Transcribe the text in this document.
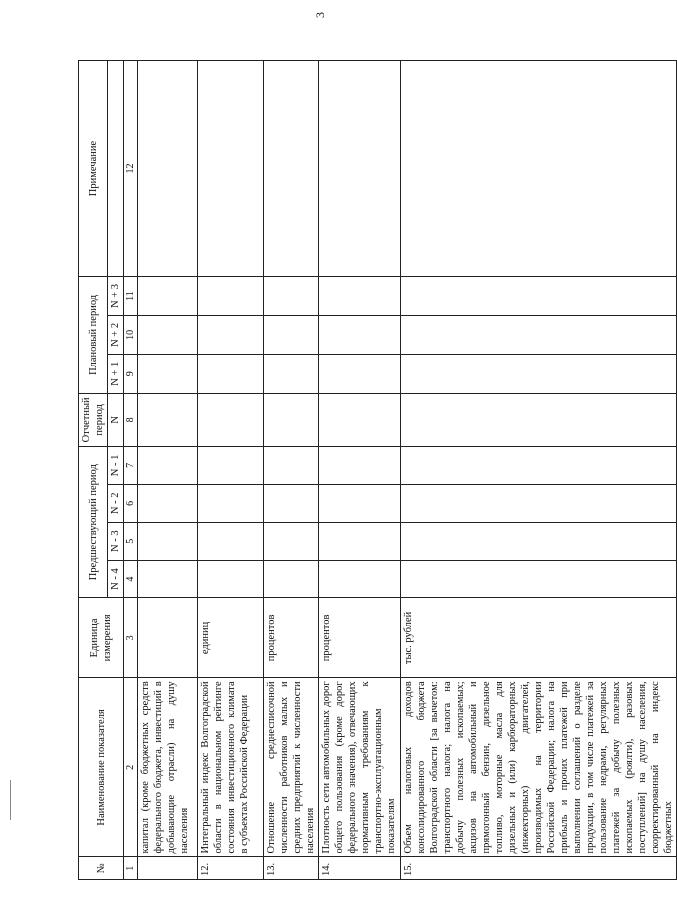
3
№	Наименование показателя	Единица измерения	Предшествующий период				Отчетный период	Плановый период			Примечание
			N - 4	N - 3	N - 2	N - 1	N	N + 1	N + 2	N + 3	
1	2	3	4	5	6	7	8	9	10	11	12
	капитал (кроме бюджетных средств федерального бюджета, инвестиций в добывающие отрасли) на душу населения										
12.	Интегральный индекс Волгоградской области в национальном рейтинге состояния инвестиционного климата в субъектах Российской Федерации	единиц									
13.	Отношение среднесписочной численности работников малых и средних предприятий к численности населения	процентов									
14.	Плотность сети автомобильных дорог общего пользования (кроме дорог федерального значения), отвечающих нормативным требованиям к транспортно-эксплуатационным показателям	процентов									
15.	Объем налоговых доходов консолидированного бюджета Волгоградской области [за вычетом: транспортного налога; налога на добычу полезных ископаемых; акцизов на автомобильный и прямогонный бензин, дизельное топливо, моторные масла для дизельных и (или) карбюраторных (инжекторных) двигателей, производимых на территории Российской Федерации; налога на прибыль и прочих платежей при выполнении соглашений о разделе продукции, в том числе платежей за пользование недрами, регулярных платежей за добычу полезных ископаемых (роялти), разовых поступлений] на душу населения, скорректированный на индекс бюджетных	тыс. рублей									
